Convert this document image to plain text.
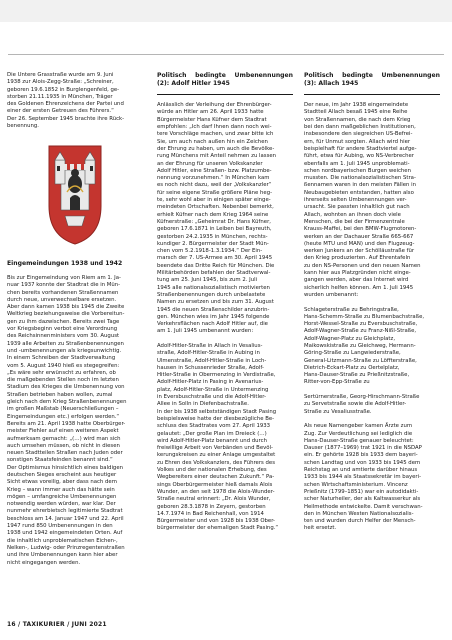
Die Untere Grasstraße wurde am 9. Juni
1938 zur Alois-Zegg-Straße: „Schreiner,
geboren 19.6.1852 in Burglengenfeld, ge-
storben 21.11.1935 in München, Träger
des Goldenen Ehrenzeichens der Partei und
einer der ersten Getreuen des Führers.“
Der 26. September 1945 brachte ihre Rück-
benennung.

Eingemeindungen 1938 und 1942

Bis zur Eingemeindung von Riem am 1. Ja-
nuar 1937 konnte der Stadtrat die in Mün-
chen bereits vorhandenen Straßennamen
durch neue, unverwechselbare ersetzen.
Aber dann kamen 1938 bis 1945 die Zweite
Weltkrieg beziehungsweise die Vorbereitun-
gen zu ihm dazwischen. Bereits zwei Tage
vor Kriegsbeginn verbot eine Verordnung
des Reichsinnenministers vom 30. August
1939 alle Arbeiten zu Straßenbenennungen
und -umbenennungen als kriegsunwichtig.
In einem Schreiben der Stadtverwaltung
vom 5. August 1940 hieß es stegegreifen:
„Es wäre sehr erwünscht zu erfahren, ob
die maßgebenden Stellen noch im letzten
Stadium des Krieges die Umbenennung von
Straßen betrieben haben wollen, zumal
gleich nach dem Krieg Straßenbenennungen
im großen Maßstab (Neuerschließungen –
Eingemeindungen etc.) erfolgen werden.“
Bereits am 21. April 1938 hatte Oberbürger-
meister Fiehler auf einen weiteren Aspekt
aufmerksam gemacht: „(…) wird man sich
auch umsehen müssen, ob nicht in diesen
neuen Stadtteilen Straßen nach Juden oder
sonstigen Staatsfeinden benannt sind.“
Der Optimismus hinsichtlich eines baldigen
deutschen Sieges erscheint aus heutiger
Sicht etwas voreilig, aber dass nach dem
Krieg – wann immer auch das hätte sein
mögen – umfangreiche Umbenennungen
notwendig werden würden, war klar. Der
nunmehr ehrerbietsch legitimierte Stadtrat
beschloss am 14. Januar 1947 und 22. April
1947 rund 850 Umbenennungen in den
1938 und 1942 eingemeindeten Orten. Auf
die inhaltlich unproblematischen Eichen-,
Nelken-, Ludwig- oder Prinzregentenstraßen
und ihre Umbenennungen kann hier aber
nicht eingegangen werden.

Politisch bedingte Umbenennungen (2): Adolf Hitler 1945

Anlässlich der Verleihung der Ehrenbürger-
würde an Hitler am 26. April 1933 hatte
Bürgermeister Hans Küfner dem Stadtrat
empfohlen: „Ich darf Ihnen dann noch wei-
tere Vorschläge machen, und zwar bitte ich
Sie, um auch nach außen hin ein Zeichen
der Ehrung zu haben, um auch die Bevölke-
rung Münchens mit Anteil nehmen zu lassen
an der Ehrung für unseren Volkskanzler
Adolf Hitler, eine Straßen- bzw. Platzumbe-
nennung vorzunehmen.“ In München kam
es noch nicht dazu, weil der „Volkskanzler“
für seine eigene Straße größere Pläne heg-
te, sehr wohl aber in einigen später einge-
meindeten Ortschaften. Nebenbei bemerkt,
erhielt Küfner nach dem Krieg 1964 seine
Küfnerstraße: „Geheimrat Dr. Hans Küfner,
geboren 17.6.1871 in Leiben bei Bayreuth,
gestorben 24.2.1935 in München, rechts-
kundiger 2. Bürgermeister der Stadt Mün-
chen vom 5.2.1918-1.3.1934.“ Der Ein-
marsch der 7. US-Armee am 30. April 1945
beendete das Dritte Reich für München. Die
Militärbehörden befahlen der Stadtverwal-
tung am 25. Juni 1945, bis zum 2. Juli
1945 alle nationalsozialistisch motivierten
Straßenbenennungen durch unbelastete
Namen zu ersetzen und bis zum 31. August
1945 die neuen Straßenschilder anzubrin-
gen. München wies im Jahr 1945 folgende
Verkehrsflächen nach Adolf Hitler auf, die
am 1. Juli 1945 umbenannt wurden:

Adolf-Hitler-Straße in Allach in Vesalius-
straße, Adolf-Hitler-Straße in Aubing in
Ulmenstraße, Adolf-Hitler-Straße in Loch-
hausen in Schussenrieder Straße, Adolf-
Hitler-Straße in Obermenzing in Verdistraße,
Adolf-Hitler-Platz in Pasing in Avenarius-
platz, Adolf-Hitler-Straße in Untermenzing
in Eversbuschstraße und die Adolf-Hitler-
Allee in Solln in Diefenbachstraße.
In der bis 1938 selbstständigen Stadt Pasing
beispielsweise hatte der diesbezügliche Be-
schluss des Stadtrates vom 27. April 1933
gelautet: „Der große Plan im Dreieck (…)
wird Adolf-Hitler-Platz benannt und durch
freiwillige Arbeit von Verbänden und Bevöl-
kerungskreisen zu einer Anlage umgestaltet
zu Ehren des Volkskanzlers, des Führers des
Volkes und der nationalen Erhebung, des
Wegbereiters einer deutschen Zukunft.“ Pa-
sings Oberbürgermeister hieß damals Alois
Wunder, an den seit 1978 die Alois-Wunder-
Straße neutral erinnert: „Dr. Alois Wunder,
geboren 28.3.1878 in Zeyern, gestorben
14.7.1974 in Bad Reichenhall, von 1914
Bürgermeister und von 1928 bis 1938 Ober-
bürgermeister der ehemaligen Stadt Pasing.“

Politisch bedingte Umbenennungen (3): Allach 1945

Der neue, im Jahr 1938 eingemeindete
Stadtteil Allach besaß 1945 eine Reihe
von Straßennamen, die nach dem Krieg
bei den dann maßgeblichen Institutionen,
insbesondere den siegreichen US-Befrei-
ern, für Unmut sorgten. Allach wird hier
beispielhaft für andere Stadtviertel aufge-
führt, etwa für Aubing, wo NS-Verbrecher
ebenfalls am 1. Juli 1945 unproblemati-
schen nordbayerischen Burgen weichen
mussten. Die nationalsozialistischen Stra-
ßennamen waren in den meisten Fällen in
Neubaugebieten entstanden, hatten also
ihrerseits selten Umbenennungen ver-
ursacht. Sie passten inhaltlich gut nach
Allach, wohnten an ihnen doch viele
Menschen, die bei der Firmenzentrale
Krauss-Maffei, bei den BMW-Flugmotoren-
werken an der Dachauer Straße 665-667
(heute MTU und MAN) und den Flugzeug-
werken Junkers an der Schölläustraße für
den Krieg produzierten. Auf Ehrentafeln
zu den NS-Personen und den neuen Namen
kann hier aus Platzgründen nicht einge-
gangen werden, aber das Internet wird
sicherlich helfen können. Am 1. Juli 1945
wurden umbenannt:

Schlageterstraße zu Behringstraße,
Hans-Schemm-Straße zu Blumenbachstraße,
Horst-Wessel-Straße zu Eversbuschstraße,
Adolf-Wagner-Straße zu Franz-Nißl-Straße,
Adolf-Wagner-Platz zu Gleichplatz,
Maikowskistraße zu Gleichweg, Hermann-
Göring-Straße zu Langwiederstraße,
General-Litzmann-Straße zu Löffterstraße,
Dietrich-Eckart-Platz zu Oertelplatz,
Hans-Dauser-Straße zu Prießnitzstraße,
Ritter-von-Epp-Straße zu

Sertürnerstraße, Georg-Hirschmann-Straße
zu Servetstraße sowie die Adolf-Hitler-
Straße zu Vesaliusstraße.

Als neue Namengeber kamen Ärzte zum
Zug. Zur Verdeutlichung sei lediglich die
Hans-Dauser-Straße genauer beleuchtet:
Dauser (1877–1969) trat 1921 in die NSDAP
ein. Er gehörte 1928 bis 1933 dem bayeri-
schen Landtag und von 1933 bis 1945 dem
Reichstag an und amtierte darüber hinaus
1933 bis 1944 als Staatssekretär im bayeri-
schen Wirtschaftsministerium. Vincenz
Prießnitz (1799–1851) war ein autodidakti-
scher Naturheiler, der als Kaltwasserkur als
Heilmethode entwickelte. Damit verschwan-
den in München Westen Nationalsozialis-
ten und wurden durch Helfer der Mensch-
heit ersetzt.

16 / TAXIKURIER / JUNI 2021
